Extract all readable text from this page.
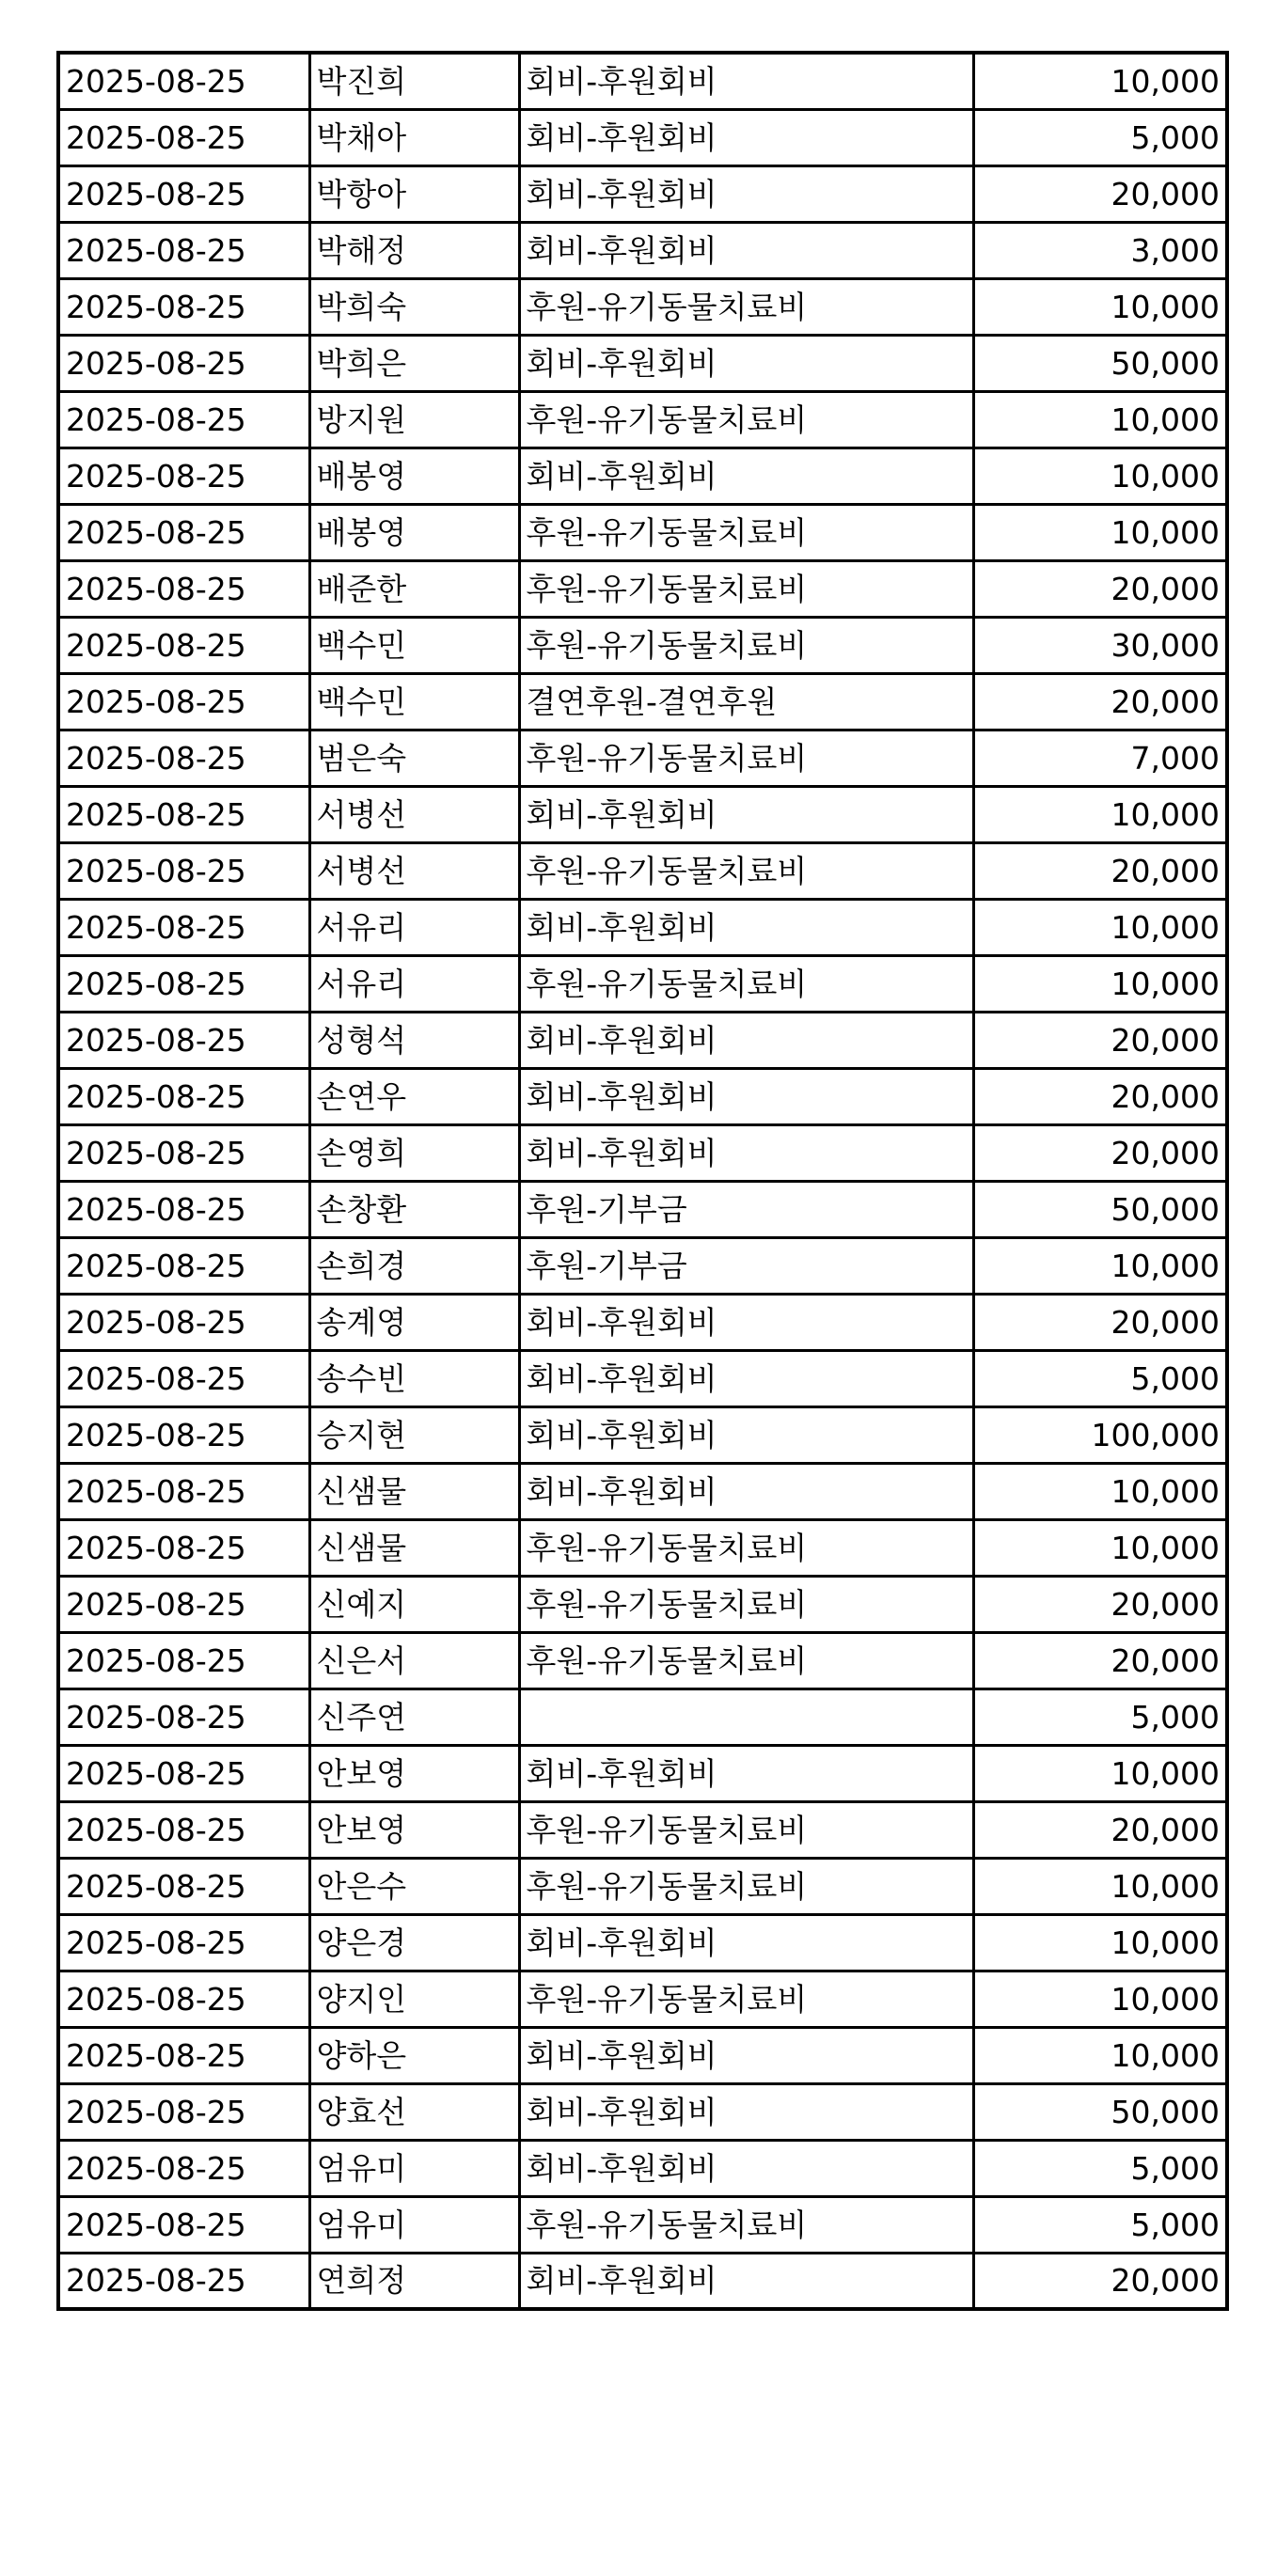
2025-08-25	박진희	회비-후원회비	10,000
2025-08-25	박채아	회비-후원회비	5,000
2025-08-25	박항아	회비-후원회비	20,000
2025-08-25	박해정	회비-후원회비	3,000
2025-08-25	박희숙	후원-유기동물치료비	10,000
2025-08-25	박희은	회비-후원회비	50,000
2025-08-25	방지원	후원-유기동물치료비	10,000
2025-08-25	배봉영	회비-후원회비	10,000
2025-08-25	배봉영	후원-유기동물치료비	10,000
2025-08-25	배준한	후원-유기동물치료비	20,000
2025-08-25	백수민	후원-유기동물치료비	30,000
2025-08-25	백수민	결연후원-결연후원	20,000
2025-08-25	범은숙	후원-유기동물치료비	7,000
2025-08-25	서병선	회비-후원회비	10,000
2025-08-25	서병선	후원-유기동물치료비	20,000
2025-08-25	서유리	회비-후원회비	10,000
2025-08-25	서유리	후원-유기동물치료비	10,000
2025-08-25	성형석	회비-후원회비	20,000
2025-08-25	손연우	회비-후원회비	20,000
2025-08-25	손영희	회비-후원회비	20,000
2025-08-25	손창환	후원-기부금	50,000
2025-08-25	손희경	후원-기부금	10,000
2025-08-25	송계영	회비-후원회비	20,000
2025-08-25	송수빈	회비-후원회비	5,000
2025-08-25	승지현	회비-후원회비	100,000
2025-08-25	신샘물	회비-후원회비	10,000
2025-08-25	신샘물	후원-유기동물치료비	10,000
2025-08-25	신예지	후원-유기동물치료비	20,000
2025-08-25	신은서	후원-유기동물치료비	20,000
2025-08-25	신주연		5,000
2025-08-25	안보영	회비-후원회비	10,000
2025-08-25	안보영	후원-유기동물치료비	20,000
2025-08-25	안은수	후원-유기동물치료비	10,000
2025-08-25	양은경	회비-후원회비	10,000
2025-08-25	양지인	후원-유기동물치료비	10,000
2025-08-25	양하은	회비-후원회비	10,000
2025-08-25	양효선	회비-후원회비	50,000
2025-08-25	엄유미	회비-후원회비	5,000
2025-08-25	엄유미	후원-유기동물치료비	5,000
2025-08-25	연희정	회비-후원회비	20,000
